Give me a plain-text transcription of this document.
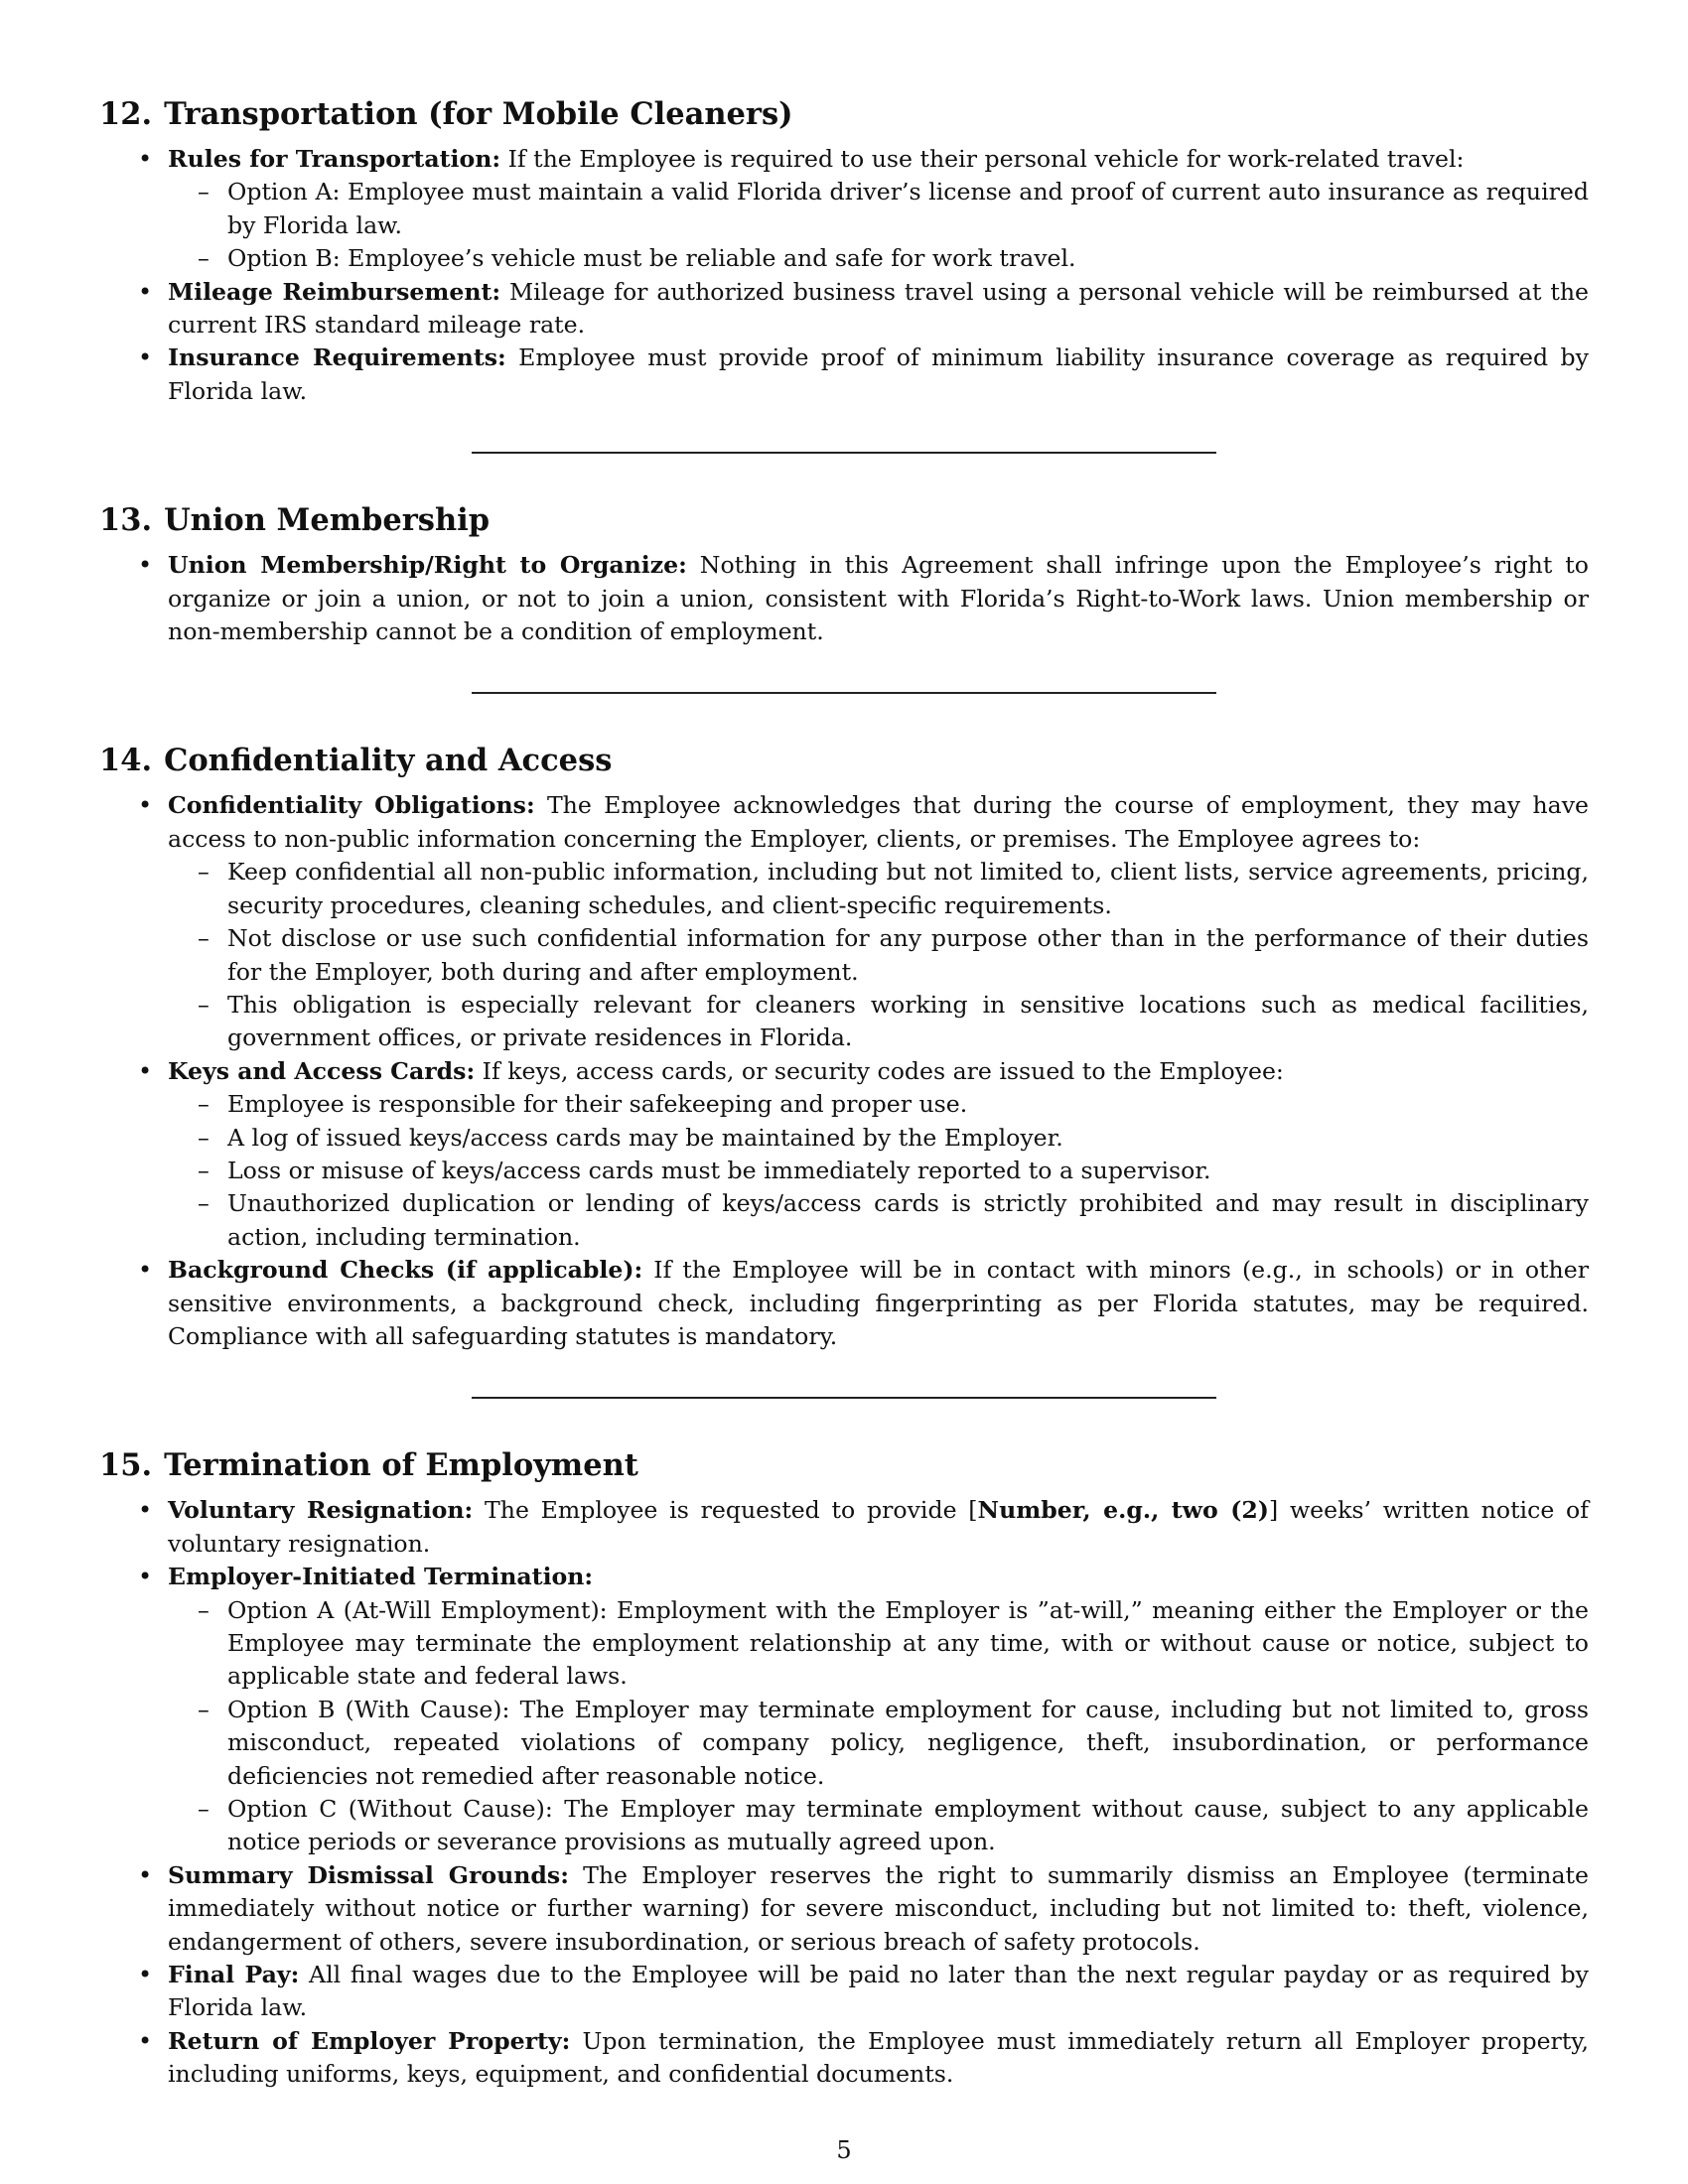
12. Transportation (for Mobile Cleaners)
• Rules for Transportation: If the Employee is required to use their personal vehicle for work-related travel:
– Option A: Employee must maintain a valid Florida driver’s license and proof of current auto insurance as required by Florida law.
– Option B: Employee’s vehicle must be reliable and safe for work travel.
• Mileage Reimbursement: Mileage for authorized business travel using a personal vehicle will be reimbursed at the current IRS standard mileage rate.
• Insurance Requirements: Employee must provide proof of minimum liability insurance coverage as required by Florida law.
13. Union Membership
• Union Membership/Right to Organize: Nothing in this Agreement shall infringe upon the Employee’s right to organize or join a union, or not to join a union, consistent with Florida’s Right-to-Work laws. Union membership or non-membership cannot be a condition of employment.
14. Confidentiality and Access
• Confidentiality Obligations: The Employee acknowledges that during the course of employment, they may have access to non-public information concerning the Employer, clients, or premises. The Employee agrees to:
– Keep confidential all non-public information, including but not limited to, client lists, service agreements, pricing, security procedures, cleaning schedules, and client-specific requirements.
– Not disclose or use such confidential information for any purpose other than in the performance of their duties for the Employer, both during and after employment.
– This obligation is especially relevant for cleaners working in sensitive locations such as medical facilities, government offices, or private residences in Florida.
• Keys and Access Cards: If keys, access cards, or security codes are issued to the Employee:
– Employee is responsible for their safekeeping and proper use.
– A log of issued keys/access cards may be maintained by the Employer.
– Loss or misuse of keys/access cards must be immediately reported to a supervisor.
– Unauthorized duplication or lending of keys/access cards is strictly prohibited and may result in disciplinary action, including termination.
• Background Checks (if applicable): If the Employee will be in contact with minors (e.g., in schools) or in other sensitive environments, a background check, including fingerprinting as per Florida statutes, may be required. Compliance with all safeguarding statutes is mandatory.
15. Termination of Employment
• Voluntary Resignation: The Employee is requested to provide [Number, e.g., two (2)] weeks’ written notice of voluntary resignation.
• Employer-Initiated Termination:
– Option A (At-Will Employment): Employment with the Employer is ”at-will,” meaning either the Employer or the Employee may terminate the employment relationship at any time, with or without cause or notice, subject to applicable state and federal laws.
– Option B (With Cause): The Employer may terminate employment for cause, including but not limited to, gross misconduct, repeated violations of company policy, negligence, theft, insubordination, or performance deficiencies not remedied after reasonable notice.
– Option C (Without Cause): The Employer may terminate employment without cause, subject to any applicable notice periods or severance provisions as mutually agreed upon.
• Summary Dismissal Grounds: The Employer reserves the right to summarily dismiss an Employee (terminate immediately without notice or further warning) for severe misconduct, including but not limited to: theft, violence, endangerment of others, severe insubordination, or serious breach of safety protocols.
• Final Pay: All final wages due to the Employee will be paid no later than the next regular payday or as required by Florida law.
• Return of Employer Property: Upon termination, the Employee must immediately return all Employer property, including uniforms, keys, equipment, and confidential documents.
5
